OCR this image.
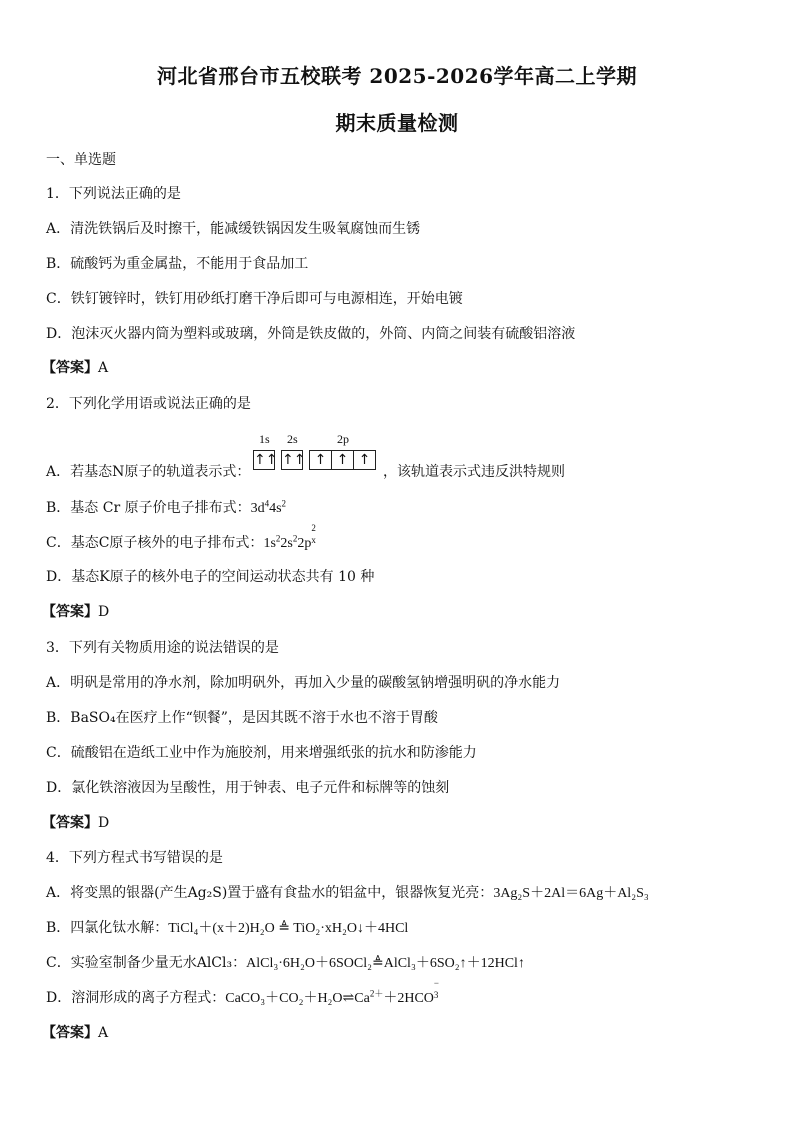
河北省邢台市五校联考 2025-2026学年高二上学期
期末质量检测
一、单选题
1．下列说法正确的是
A．清洗铁锅后及时擦干，能减缓铁锅因发生吸氧腐蚀而生锈
B．硫酸钙为重金属盐，不能用于食品加工
C．铁钉镀锌时，铁钉用砂纸打磨干净后即可与电源相连，开始电镀
D．泡沫灭火器内筒为塑料或玻璃，外筒是铁皮做的，外筒、内筒之间装有硫酸铝溶液
【答案】A
2．下列化学用语或说法正确的是
1s 2s	2p
↑↑ ↑↑ ↑ ↑ ↑
A．若基态N原子的轨道表示式：	，该轨道表示式违反洪特规则
B．基态 Cr 原子价电子排布式：$3d^44s^2$
C．基态C原子核外的电子排布式：$1s^22s^22p$
2
x

D．基态K原子的核外电子的空间运动状态共有 10 种
【答案】D
3．下列有关物质用途的说法错误的是
A．明矾是常用的净水剂，除加明矾外，再加入少量的碳酸氢钠增强明矾的净水能力
B．BaSO₄在医疗上作“钡餐”，是因其既不溶于水也不溶于胃酸
C．硫酸铝在造纸工业中作为施胶剂，用来增强纸张的抗水和防渗能力
D．氯化铁溶液因为呈酸性，用于钟表、电子元件和标牌等的蚀刻
【答案】D
4．下列方程式书写错误的是
A．将变黑的银器(产生Ag₂S)置于盛有食盐水的铝盆中，银器恢复光亮：3Ag₂S＋2Al＝6Ag＋Al₂S₃
B．四氯化钛水解：TiCl₄＋(x＋2)H₂O ≜ TiO₂·xH₂O↓＋4HCl
C．实验室制备少量无水AlCl₃：AlCl₃·6H₂O＋6SOCl₂≜AlCl₃＋6SO₂↑＋12HCl↑
D．溶洞形成的离子方程式：$CaCO_3+CO_2+H_2O\rightleftharpoons Ca^{2+}+2HCO$
−
3

【答案】A
